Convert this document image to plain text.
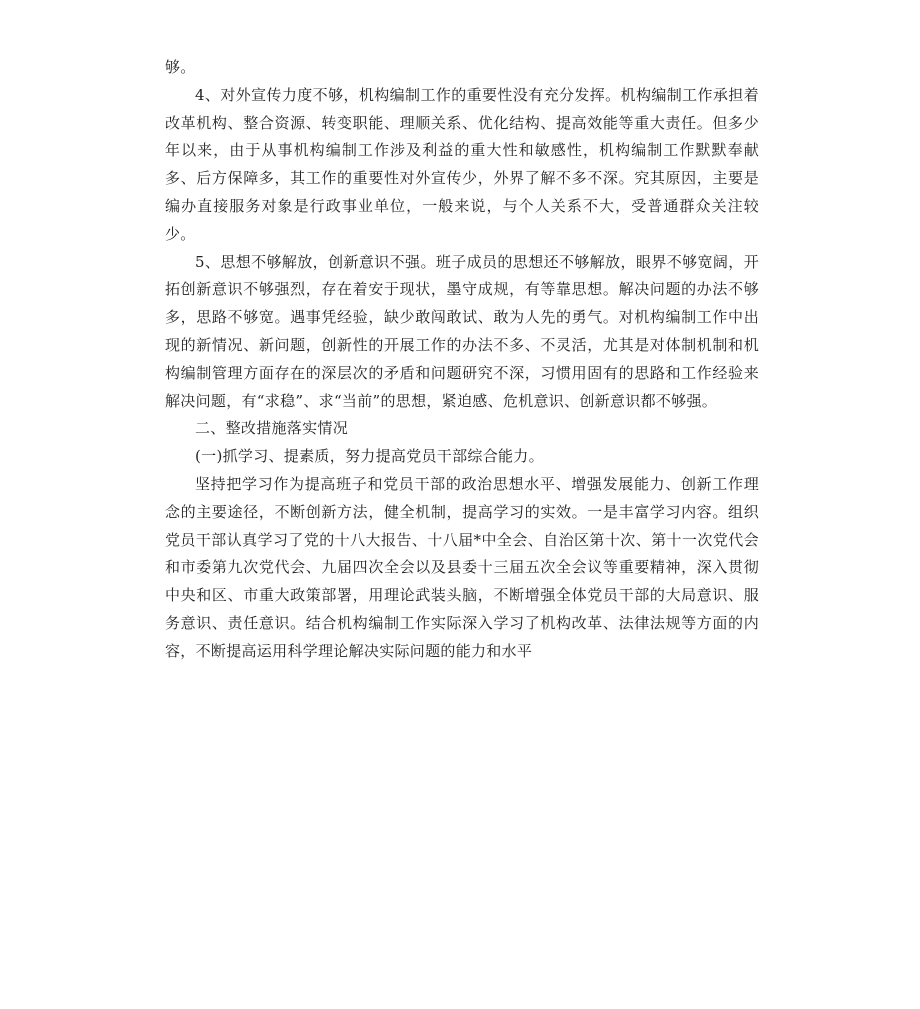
够。

4、对外宣传力度不够，机构编制工作的重要性没有充分发挥。机构编制工作承担着改革机构、整合资源、转变职能、理顺关系、优化结构、提高效能等重大责任。但多少年以来，由于从事机构编制工作涉及利益的重大性和敏感性，机构编制工作默默奉献多、后方保障多，其工作的重要性对外宣传少，外界了解不多不深。究其原因，主要是编办直接服务对象是行政事业单位，一般来说，与个人关系不大，受普通群众关注较少。

5、思想不够解放，创新意识不强。班子成员的思想还不够解放，眼界不够宽阔，开拓创新意识不够强烈，存在着安于现状，墨守成规，有等靠思想。解决问题的办法不够多，思路不够宽。遇事凭经验，缺少敢闯敢试、敢为人先的勇气。对机构编制工作中出现的新情况、新问题，创新性的开展工作的办法不多、不灵活，尤其是对体制机制和机构编制管理方面存在的深层次的矛盾和问题研究不深，习惯用固有的思路和工作经验来解决问题，有“求稳”、求“当前”的思想，紧迫感、危机意识、创新意识都不够强。

二、整改措施落实情况

(一)抓学习、提素质，努力提高党员干部综合能力。

坚持把学习作为提高班子和党员干部的政治思想水平、增强发展能力、创新工作理念的主要途径，不断创新方法，健全机制，提高学习的实效。一是丰富学习内容。组织党员干部认真学习了党的十八大报告、十八届*中全会、自治区第十次、第十一次党代会和市委第九次党代会、九届四次全会以及县委十三届五次全会议等重要精神，深入贯彻中央和区、市重大政策部署，用理论武装头脑，不断增强全体党员干部的大局意识、服务意识、责任意识。结合机构编制工作实际深入学习了机构改革、法律法规等方面的内容，不断提高运用科学理论解决实际问题的能力和水平
